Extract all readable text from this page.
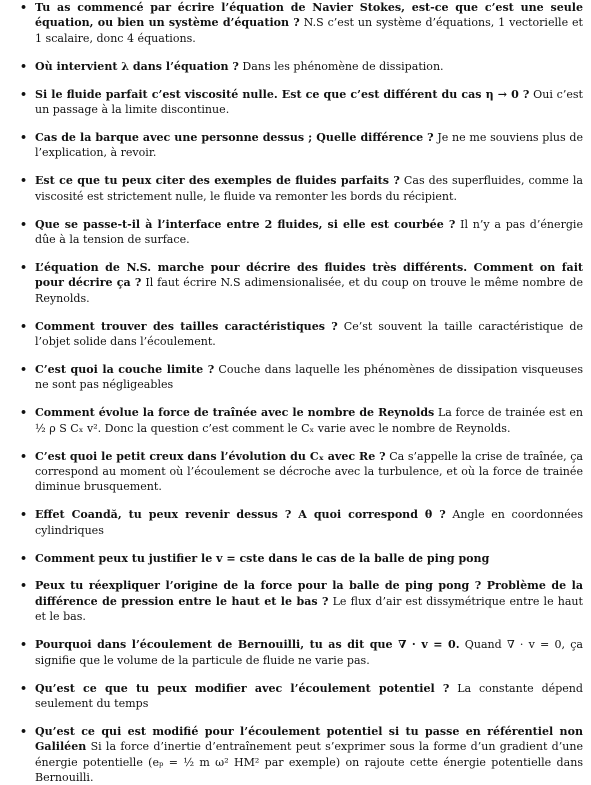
• Tu as commencé par écrire l’équation de Navier Stokes, est-ce que c’est une seule équation, ou bien un système d’équation ? N.S c’est un système d’équations, 1 vectorielle et 1 scalaire, donc 4 équations.
• Où intervient λ dans l’équation ? Dans les phénomène de dissipation.
• Si le fluide parfait c’est viscosité nulle. Est ce que c’est différent du cas η → 0 ? Oui c’est un passage à la limite discontinue.
• Cas de la barque avec une personne dessus ; Quelle différence ? Je ne me souviens plus de l’explication, à revoir.
• Est ce que tu peux citer des exemples de fluides parfaits ? Cas des superfluides, comme la viscosité est strictement nulle, le fluide va remonter les bords du récipient.
• Que se passe-t-il à l’interface entre 2 fluides, si elle est courbée ? Il n’y a pas d’énergie dûe à la tension de surface.
• L’équation de N.S. marche pour décrire des fluides très différents. Comment on fait pour décrire ça ? Il faut écrire N.S adimensionalisée, et du coup on trouve le même nombre de Reynolds.
• Comment trouver des tailles caractéristiques ? Ce’st souvent la taille caractéristique de l’objet solide dans l’écoulement.
• C’est quoi la couche limite ? Couche dans laquelle les phénomènes de dissipation visqueuses ne sont pas négligeables
• Comment évolue la force de traînée avec le nombre de Reynolds La force de trainée est en ½ ρ S Cₓ v². Donc la question c’est comment le Cₓ varie avec le nombre de Reynolds.
• C’est quoi le petit creux dans l’évolution du Cₓ avec Re ? Ca s’appelle la crise de traînée, ça correspond au moment où l’écoulement se décroche avec la turbulence, et où la force de trainée diminue brusquement.
• Effet Coandă, tu peux revenir dessus ? A quoi correspond θ ? Angle en coordonnées cylindriques
• Comment peux tu justifier le v = cste dans le cas de la balle de ping pong
• Peux tu réexpliquer l’origine de la force pour la balle de ping pong ? Problème de la différence de pression entre le haut et le bas ? Le flux d’air est dissymétrique entre le haut et le bas.
• Pourquoi dans l’écoulement de Bernouilli, tu as dit que ∇ · v = 0. Quand ∇ · v = 0, ça signifie que le volume de la particule de fluide ne varie pas.
• Qu’est ce que tu peux modifier avec l’écoulement potentiel ? La constante dépend seulement du temps
• Qu’est ce qui est modifié pour l’écoulement potentiel si tu passe en référentiel non Galiléen Si la force d’inertie d’entraînement peut s’exprimer sous la forme d’un gradient d’une énergie potentielle (eₚ = ½ m ω² HM² par exemple) on rajoute cette énergie potentielle dans Bernouilli.
